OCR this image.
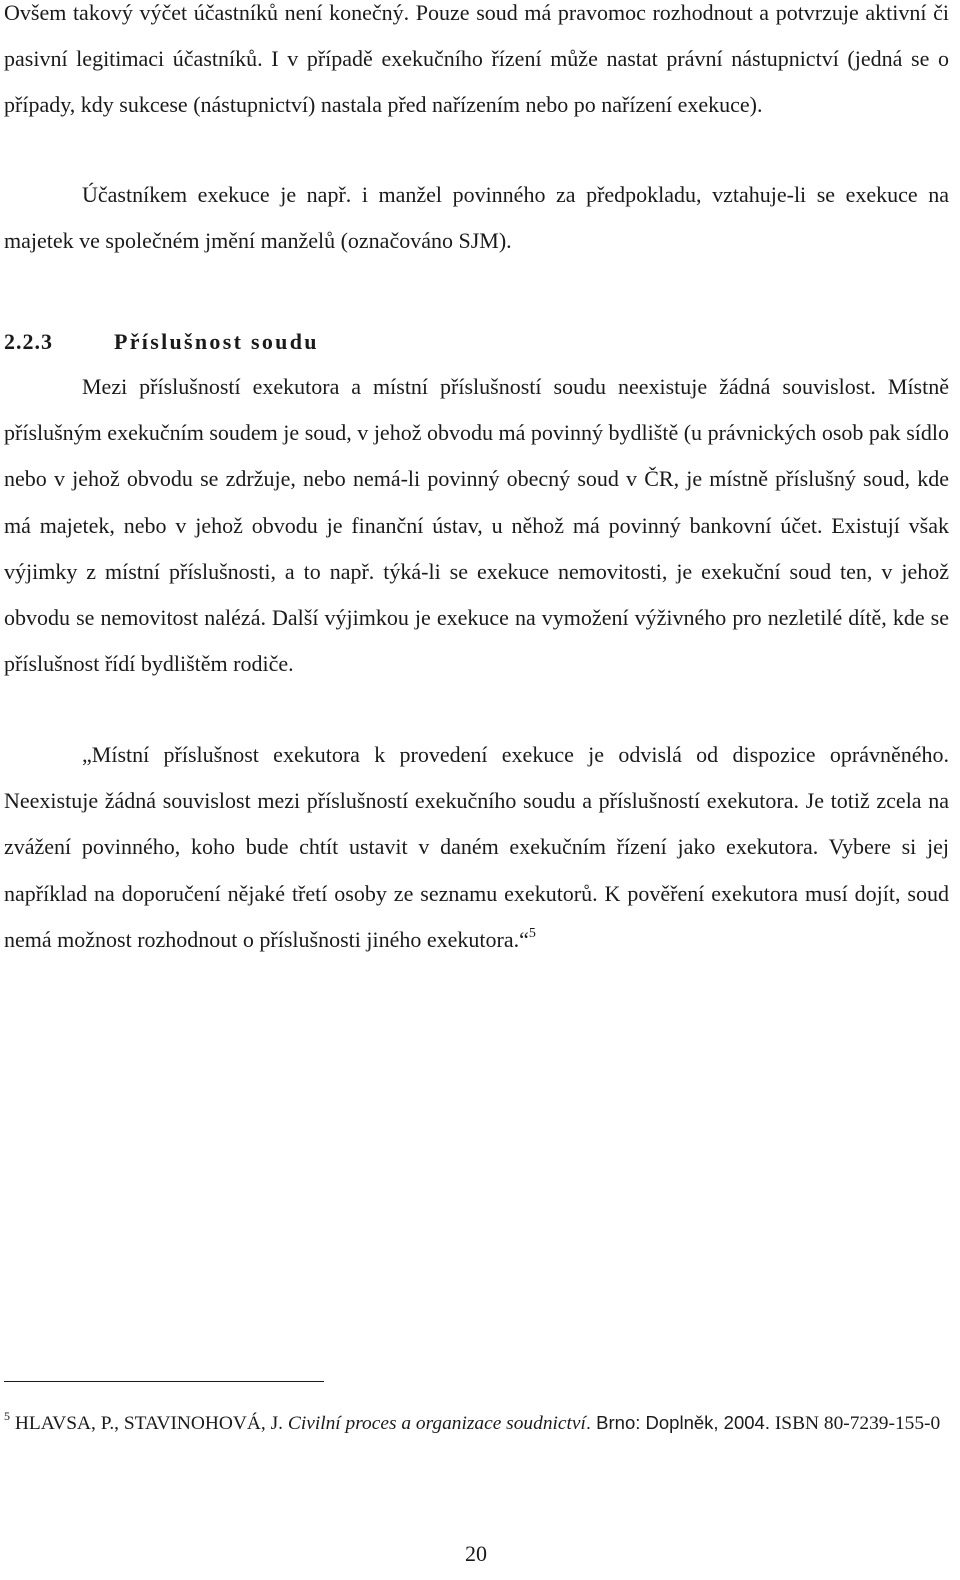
Ovšem takový výčet účastníků není konečný. Pouze soud má pravomoc rozhodnout a potvrzuje aktivní či pasivní legitimaci účastníků. I v případě exekučního řízení může nastat právní nástupnictví (jedná se o případy, kdy sukcese (nástupnictví) nastala před nařízením nebo po nařízení exekuce).

Účastníkem exekuce je např. i manžel povinného za předpokladu, vztahuje-li se exekuce na majetek ve společném jmění manželů (označováno SJM).

2.2.3	Příslušnost soudu

Mezi příslušností exekutora a místní příslušností soudu neexistuje žádná souvislost. Místně příslušným exekučním soudem je soud, v jehož obvodu má povinný bydliště (u právnických osob pak sídlo nebo v jehož obvodu se zdržuje, nebo nemá-li povinný obecný soud v ČR, je místně příslušný soud, kde má majetek, nebo v jehož obvodu je finanční ústav, u něhož má povinný bankovní účet. Existují však výjimky z místní příslušnosti, a to např. týká-li se exekuce nemovitosti, je exekuční soud ten, v jehož obvodu se nemovitost nalézá. Další výjimkou je exekuce na vymožení výživného pro nezletilé dítě, kde se příslušnost řídí bydlištěm rodiče.

„Místní příslušnost exekutora k provedení exekuce je odvislá od dispozice oprávněného. Neexistuje žádná souvislost mezi příslušností exekučního soudu a příslušností exekutora. Je totiž zcela na zvážení povinného, koho bude chtít ustavit v daném exekučním řízení jako exekutora. Vybere si jej například na doporučení nějaké třetí osoby ze seznamu exekutorů. K pověření exekutora musí dojít, soud nemá možnost rozhodnout o příslušnosti jiného exekutora.“$^5$

$^5$ HLAVSA, P., STAVINOHOVÁ, J. Civilní proces a organizace soudnictví. Brno: Doplněk, 2004. ISBN 80-7239-155-0

20
